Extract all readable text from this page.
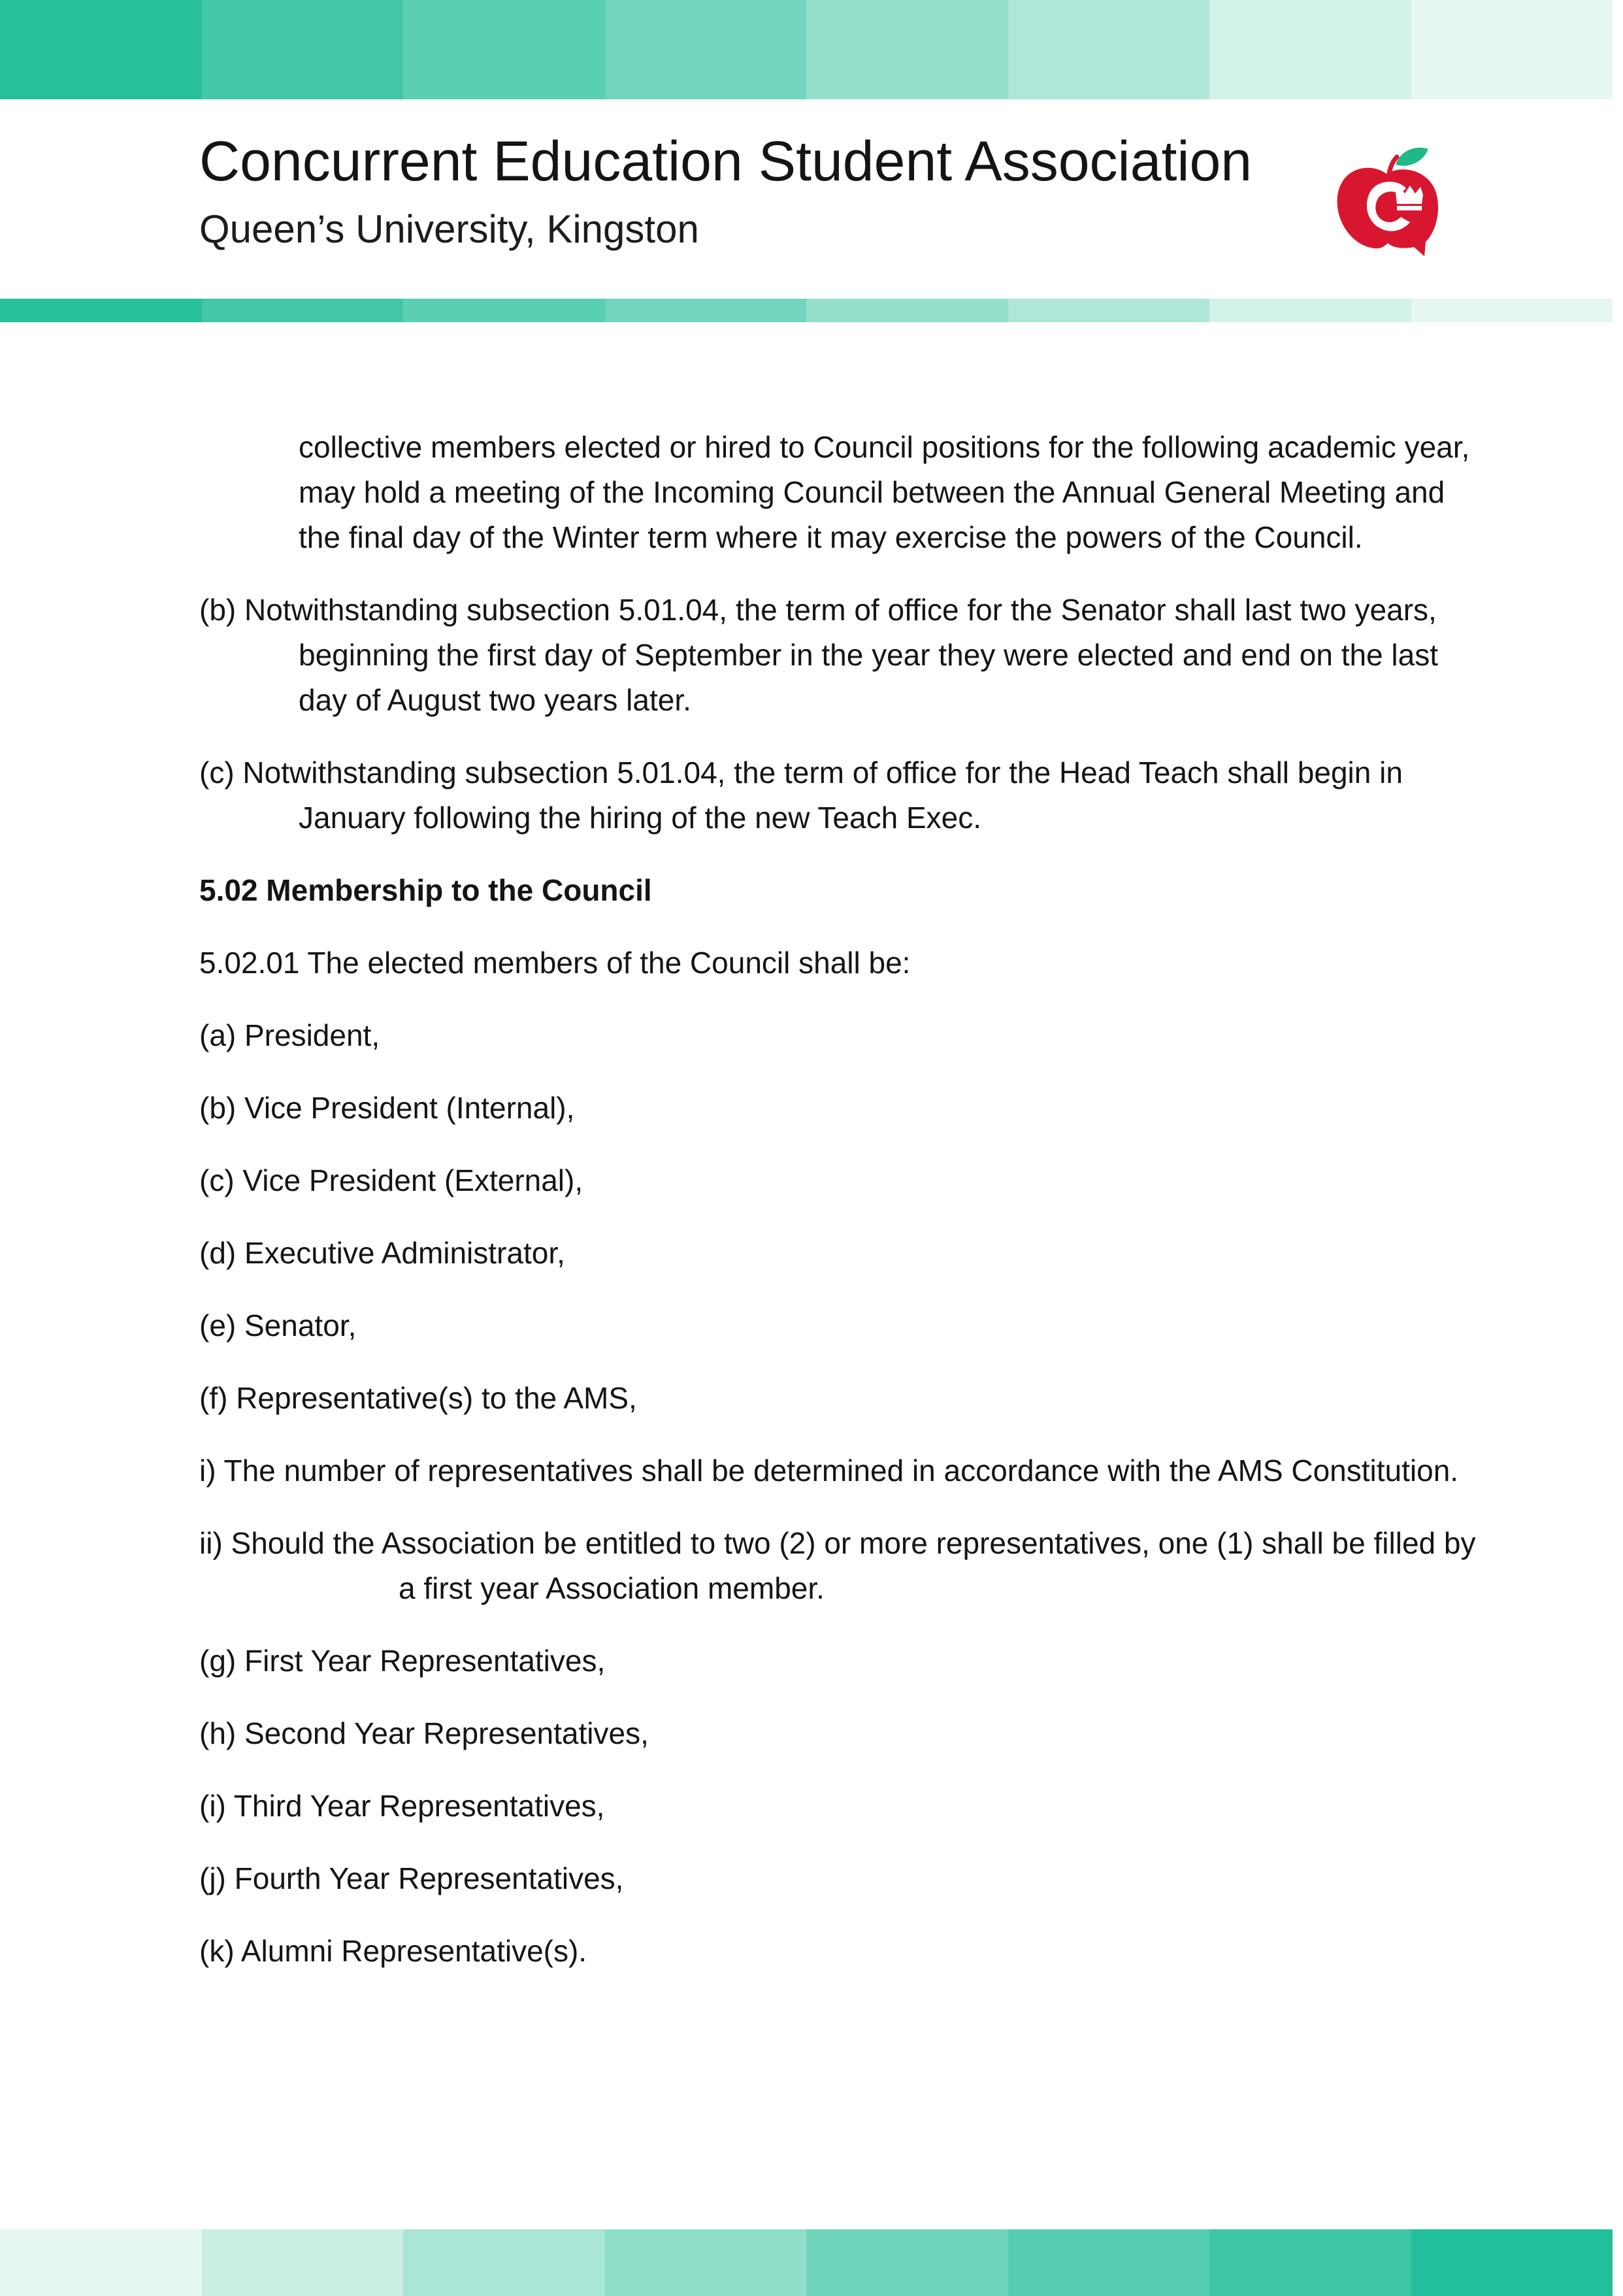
Concurrent Education Student Association
Queen’s University, Kingston

collective members elected or hired to Council positions for the following academic year, may hold a meeting of the Incoming Council between the Annual General Meeting and the final day of the Winter term where it may exercise the powers of the Council.

(b) Notwithstanding subsection 5.01.04, the term of office for the Senator shall last two years, beginning the first day of September in the year they were elected and end on the last day of August two years later.

(c) Notwithstanding subsection 5.01.04, the term of office for the Head Teach shall begin in January following the hiring of the new Teach Exec.

5.02 Membership to the Council

5.02.01 The elected members of the Council shall be:

(a) President,

(b) Vice President (Internal),

(c) Vice President (External),

(d) Executive Administrator,

(e) Senator,

(f) Representative(s) to the AMS,

i) The number of representatives shall be determined in accordance with the AMS Constitution.

ii) Should the Association be entitled to two (2) or more representatives, one (1) shall be filled by a first year Association member.

(g) First Year Representatives,

(h) Second Year Representatives,

(i) Third Year Representatives,

(j) Fourth Year Representatives,

(k) Alumni Representative(s).
